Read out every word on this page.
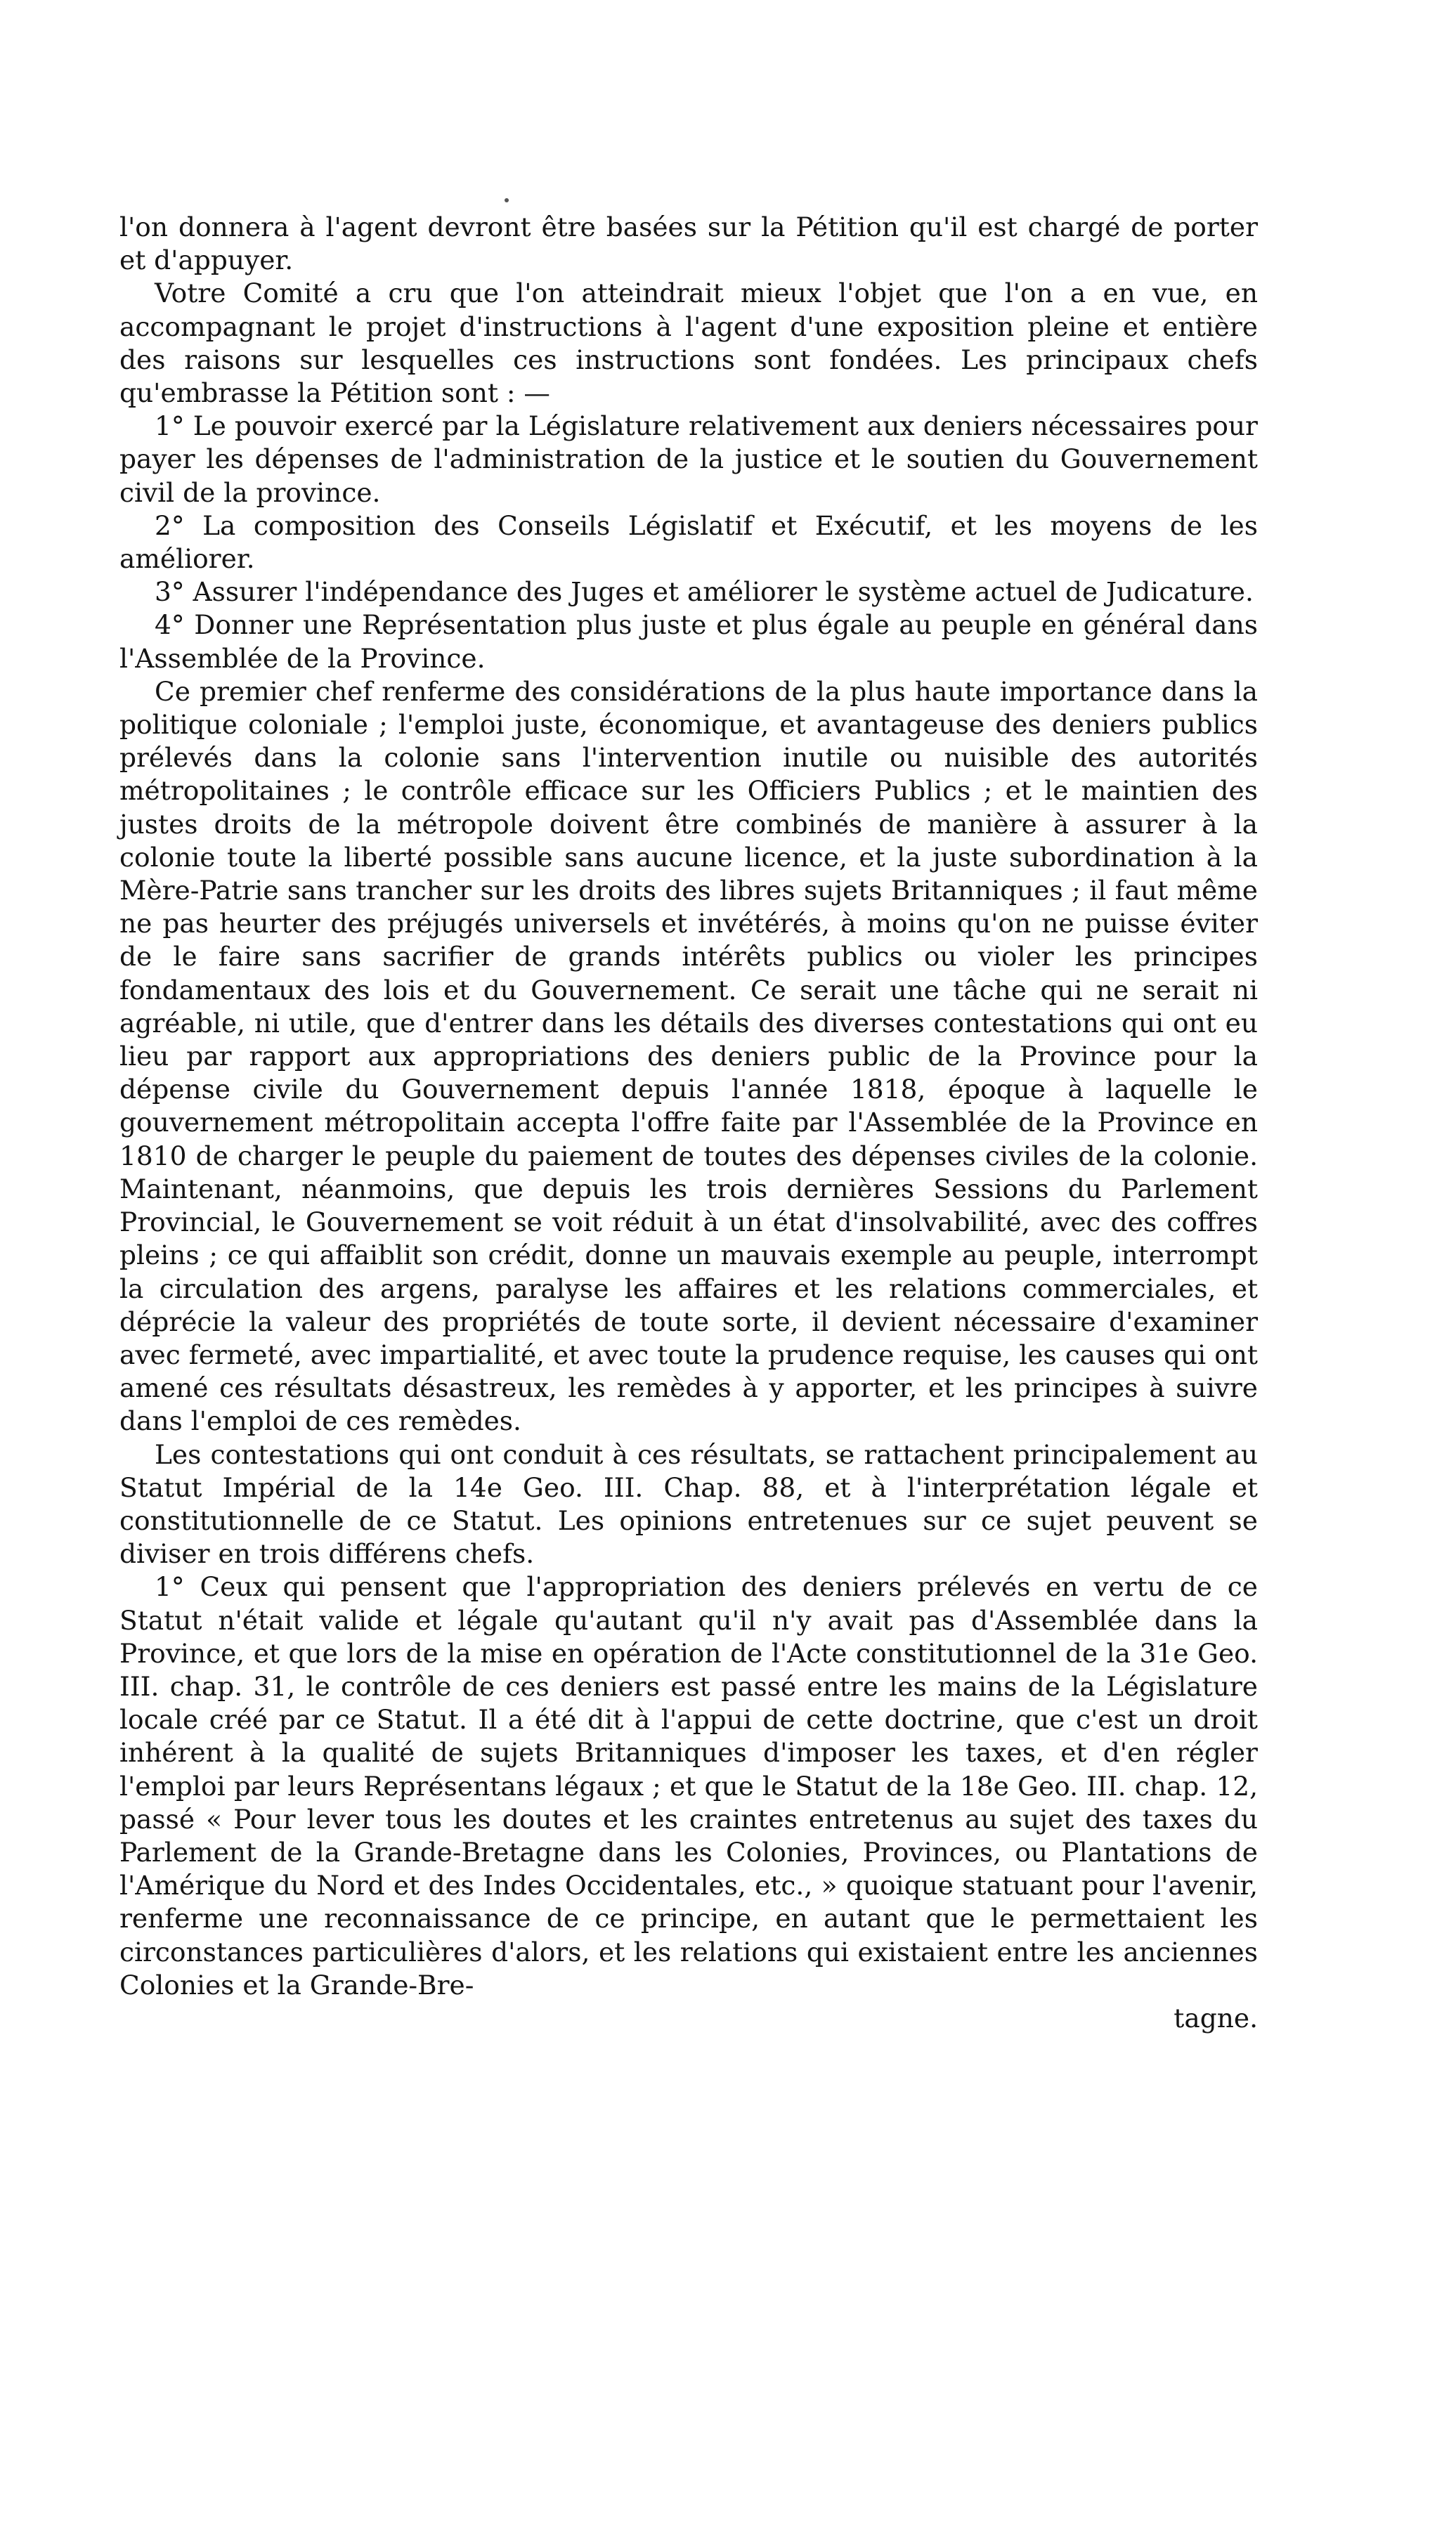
l'on donnera à l'agent devront être basées sur la Pétition qu'il est chargé de porter et d'appuyer.

Votre Comité a cru que l'on atteindrait mieux l'objet que l'on a en vue, en accompagnant le projet d'instructions à l'agent d'une exposition pleine et entière des raisons sur lesquelles ces instructions sont fondées. Les principaux chefs qu'embrasse la Pétition sont : —

1° Le pouvoir exercé par la Législature relativement aux deniers nécessaires pour payer les dépenses de l'administration de la justice et le soutien du Gouvernement civil de la province.

2° La composition des Conseils Législatif et Exécutif, et les moyens de les améliorer.

3° Assurer l'indépendance des Juges et améliorer le système actuel de Judicature.

4° Donner une Représentation plus juste et plus égale au peuple en général dans l'Assemblée de la Province.

Ce premier chef renferme des considérations de la plus haute importance dans la politique coloniale ; l'emploi juste, économique, et avantageuse des deniers publics prélevés dans la colonie sans l'intervention inutile ou nuisible des autorités métropolitaines ; le contrôle efficace sur les Officiers Publics ; et le maintien des justes droits de la métropole doivent être combinés de manière à assurer à la colonie toute la liberté possible sans aucune licence, et la juste subordination à la Mère-Patrie sans trancher sur les droits des libres sujets Britanniques ; il faut même ne pas heurter des préjugés universels et invétérés, à moins qu'on ne puisse éviter de le faire sans sacrifier de grands intérêts publics ou violer les principes fondamentaux des lois et du Gouvernement. Ce serait une tâche qui ne serait ni agréable, ni utile, que d'entrer dans les détails des diverses contestations qui ont eu lieu par rapport aux appropriations des deniers public de la Province pour la dépense civile du Gouvernement depuis l'année 1818, époque à laquelle le gouvernement métropolitain accepta l'offre faite par l'Assemblée de la Province en 1810 de charger le peuple du paiement de toutes des dépenses civiles de la colonie. Maintenant, néanmoins, que depuis les trois dernières Sessions du Parlement Provincial, le Gouvernement se voit réduit à un état d'insolvabilité, avec des coffres pleins ; ce qui affaiblit son crédit, donne un mauvais exemple au peuple, interrompt la circulation des argens, paralyse les affaires et les relations commerciales, et déprécie la valeur des propriétés de toute sorte, il devient nécessaire d'examiner avec fermeté, avec impartialité, et avec toute la prudence requise, les causes qui ont amené ces résultats désastreux, les remèdes à y apporter, et les principes à suivre dans l'emploi de ces remèdes.

Les contestations qui ont conduit à ces résultats, se rattachent principalement au Statut Impérial de la 14e Geo. III. Chap. 88, et à l'interprétation légale et constitutionnelle de ce Statut. Les opinions entretenues sur ce sujet peuvent se diviser en trois différens chefs.

1° Ceux qui pensent que l'appropriation des deniers prélevés en vertu de ce Statut n'était valide et légale qu'autant qu'il n'y avait pas d'Assemblée dans la Province, et que lors de la mise en opération de l'Acte constitutionnel de la 31e Geo. III. chap. 31, le contrôle de ces deniers est passé entre les mains de la Législature locale créé par ce Statut. Il a été dit à l'appui de cette doctrine, que c'est un droit inhérent à la qualité de sujets Britanniques d'imposer les taxes, et d'en régler l'emploi par leurs Représentans légaux ; et que le Statut de la 18e Geo. III. chap. 12, passé « Pour lever tous les doutes et les craintes entretenus au sujet des taxes du Parlement de la Grande-Bretagne dans les Colonies, Provinces, ou Plantations de l'Amérique du Nord et des Indes Occidentales, etc., » quoique statuant pour l'avenir, renferme une reconnaissance de ce principe, en autant que le permettaient les circonstances particulières d'alors, et les relations qui existaient entre les anciennes Colonies et la Grande-Bre-

tagne.
